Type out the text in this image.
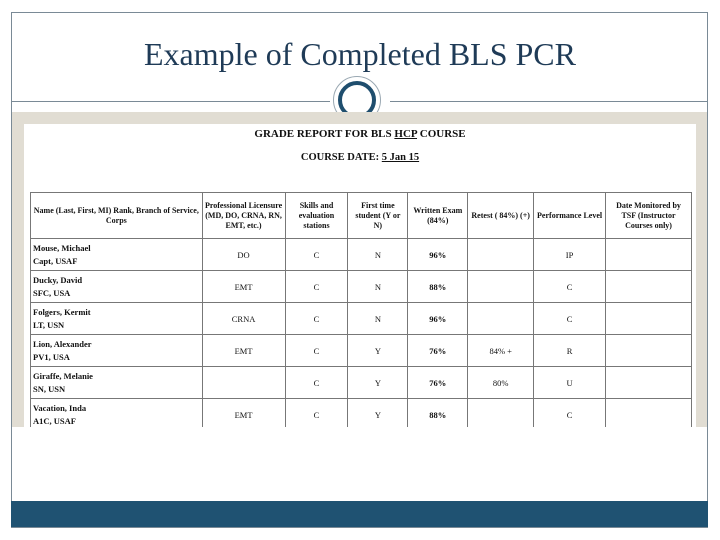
Example of Completed BLS PCR
GRADE REPORT FOR BLS HCP COURSE
COURSE DATE: 5 Jan 15
Name (Last, First, MI) Rank, Branch of Service, Corps	Professional Licensure (MD, DO, CRNA, RN, EMT, etc.)	Skills and evaluation stations	First time student (Y or N)	Written Exam (84%)	Retest ( 84%) (+)	Performance Level	Date Monitored by TSF (Instructor Courses only)
Mouse, Michael
Capt, USAF	DO	C	N	96%		IP	
Ducky, David
SFC, USA	EMT	C	N	88%		C	
Folgers, Kermit
LT, USN	CRNA	C	N	96%		C	
Lion, Alexander
PV1, USA	EMT	C	Y	76%	84% +	R	
Giraffe, Melanie
SN, USN		C	Y	76%	80%	U	
Vacation, Inda
A1C, USAF	EMT	C	Y	88%		C	
